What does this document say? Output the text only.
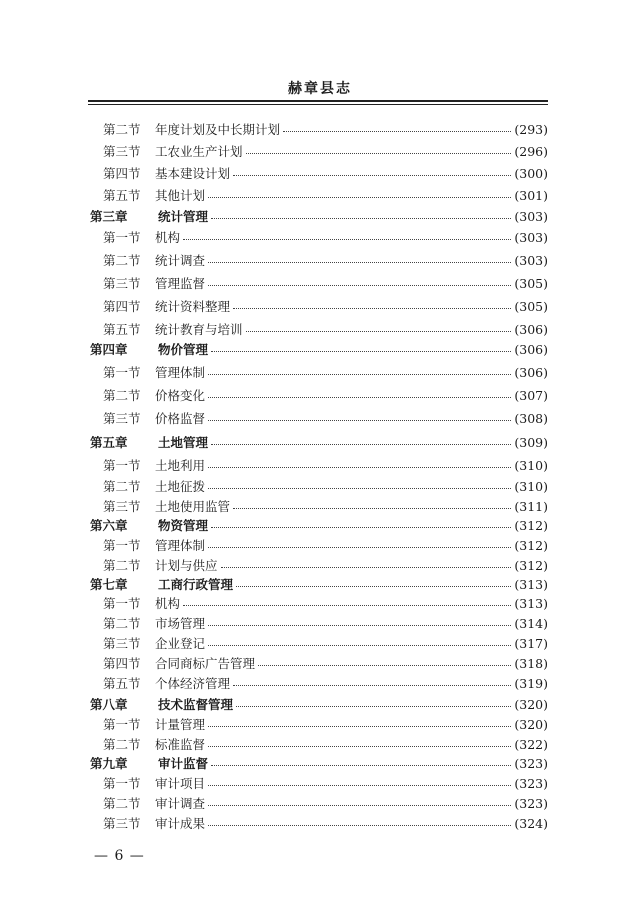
赫章县志
第二节	年度计划及中长期计划	(293)
第三节	工农业生产计划	(296)
第四节	基本建设计划	(300)
第五节	其他计划	(301)
第三章	统计管理	(303)
第一节	机构	(303)
第二节	统计调查	(303)
第三节	管理监督	(305)
第四节	统计资料整理	(305)
第五节	统计教育与培训	(306)
第四章	物价管理	(306)
第一节	管理体制	(306)
第二节	价格变化	(307)
第三节	价格监督	(308)
第五章	土地管理	(309)
第一节	土地利用	(310)
第二节	土地征拨	(310)
第三节	土地使用监管	(311)
第六章	物资管理	(312)
第一节	管理体制	(312)
第二节	计划与供应	(312)
第七章	工商行政管理	(313)
第一节	机构	(313)
第二节	市场管理	(314)
第三节	企业登记	(317)
第四节	合同商标广告管理	(318)
第五节	个体经济管理	(319)
第八章	技术监督管理	(320)
第一节	计量管理	(320)
第二节	标准监督	(322)
第九章	审计监督	(323)
第一节	审计项目	(323)
第二节	审计调查	(323)
第三节	审计成果	(324)
— 6 —
